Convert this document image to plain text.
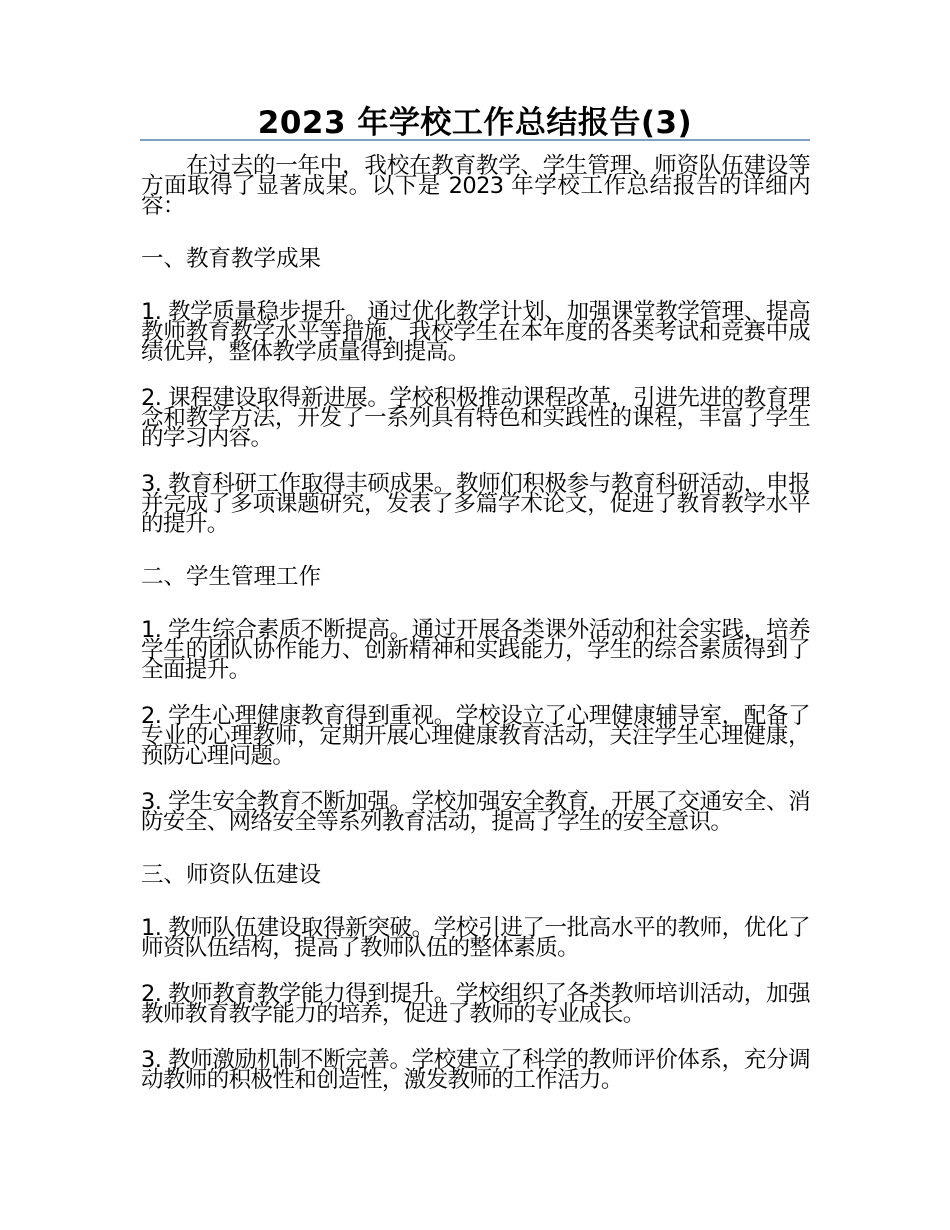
2023 年学校工作总结报告(3)

在过去的一年中，我校在教育教学、学生管理、师资队伍建设等方面取得了显著成果。以下是 2023 年学校工作总结报告的详细内容：

一、教育教学成果

1. 教学质量稳步提升。通过优化教学计划、加强课堂教学管理、提高教师教育教学水平等措施，我校学生在本年度的各类考试和竞赛中成绩优异，整体教学质量得到提高。

2. 课程建设取得新进展。学校积极推动课程改革，引进先进的教育理念和教学方法，开发了一系列具有特色和实践性的课程，丰富了学生的学习内容。

3. 教育科研工作取得丰硕成果。教师们积极参与教育科研活动，申报并完成了多项课题研究，发表了多篇学术论文，促进了教育教学水平的提升。

二、学生管理工作

1. 学生综合素质不断提高。通过开展各类课外活动和社会实践，培养学生的团队协作能力、创新精神和实践能力，学生的综合素质得到了全面提升。

2. 学生心理健康教育得到重视。学校设立了心理健康辅导室，配备了专业的心理教师，定期开展心理健康教育活动，关注学生心理健康，预防心理问题。

3. 学生安全教育不断加强。学校加强安全教育，开展了交通安全、消防安全、网络安全等系列教育活动，提高了学生的安全意识。

三、师资队伍建设

1. 教师队伍建设取得新突破。学校引进了一批高水平的教师，优化了师资队伍结构，提高了教师队伍的整体素质。

2. 教师教育教学能力得到提升。学校组织了各类教师培训活动，加强教师教育教学能力的培养，促进了教师的专业成长。

3. 教师激励机制不断完善。学校建立了科学的教师评价体系，充分调动教师的积极性和创造性，激发教师的工作活力。
